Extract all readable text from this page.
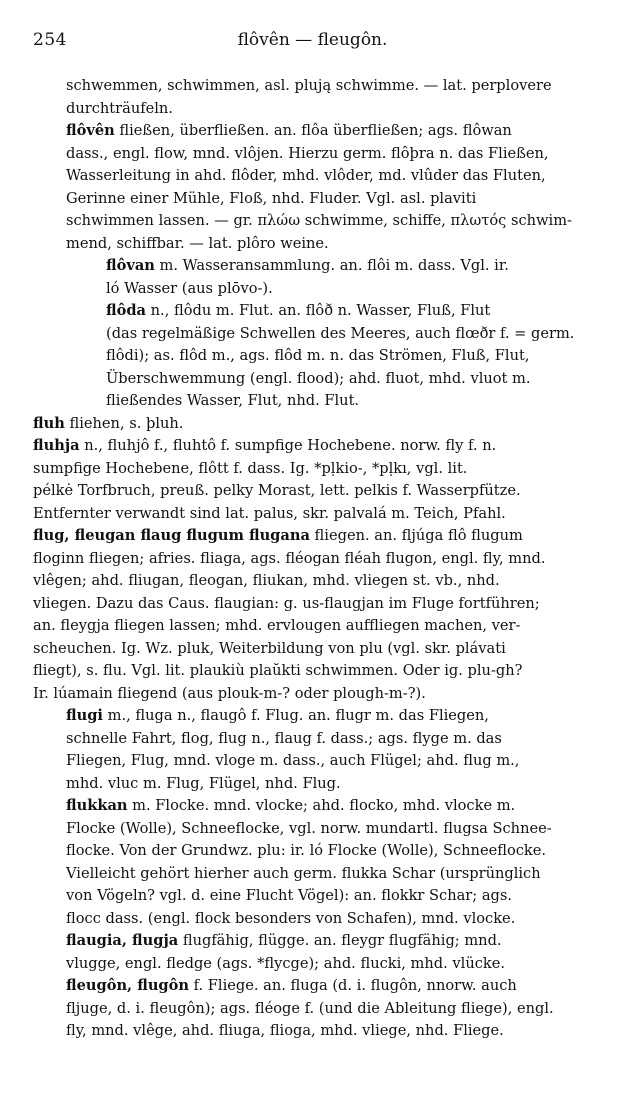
254	flôvên — fleugôn.
schwemmen, schwimmen, asl. plują schwimme. — lat. perplovere
durchträufeln.
flôvên fließen, überfließen. an. flôa überfließen; ags. flôwan
dass., engl. flow, mnd. vlôjen. Hierzu germ. flôþra n. das Fließen,
Wasserleitung in ahd. flôder, mhd. vlôder, md. vlûder das Fluten,
Gerinne einer Mühle, Floß, nhd. Fluder. Vgl. asl. plaviti
schwimmen lassen. — gr. πλώω schwimme, schiffe, πλωτός schwim-
mend, schiffbar. — lat. plôro weine.
flôvan m. Wasseransammlung. an. flôi m. dass. Vgl. ir.
ló Wasser (aus plōvo-).
flôda n., flôdu m. Flut. an. flôð n. Wasser, Fluß, Flut
(das regelmäßige Schwellen des Meeres, auch flœðr f. = germ.
flôdi); as. flôd m., ags. flôd m. n. das Strömen, Fluß, Flut,
Überschwemmung (engl. flood); ahd. fluot, mhd. vluot m.
fließendes Wasser, Flut, nhd. Flut.
fluh fliehen, s. þluh.
fluhja n., fluhjô f., fluhtô f. sumpfige Hochebene. norw. fly f. n.
sumpfige Hochebene, flôtt f. dass. Ig. *pḷkio-, *pḷkı, vgl. lit.
pélkė Torfbruch, preuß. pelky Morast, lett. pelkis f. Wasserpfütze.
Entfernter verwandt sind lat. palus, skr. palvalá m. Teich, Pfahl.
flug, fleugan flaug flugum flugana fliegen. an. fljúga flô flugum
floginn fliegen; afries. fliaga, ags. fléogan fléah flugon, engl. fly, mnd.
vlêgen; ahd. fliugan, fleogan, fliukan, mhd. vliegen st. vb., nhd.
vliegen. Dazu das Caus. flaugian: g. us-flaugjan im Fluge fortführen;
an. fleygja fliegen lassen; mhd. ervlougen auffliegen machen, ver-
scheuchen. Ig. Wz. pluk, Weiterbildung von plu (vgl. skr. plávati
fliegt), s. flu. Vgl. lit. plaukiù plaŭkti schwimmen. Oder ig. plu-gh?
Ir. lúamain fliegend (aus plouk-m-? oder plough-m-?).
flugi m., fluga n., flaugô f. Flug. an. flugr m. das Fliegen,
schnelle Fahrt, flog, flug n., flaug f. dass.; ags. flyge m. das
Fliegen, Flug, mnd. vloge m. dass., auch Flügel; ahd. flug m.,
mhd. vluc m. Flug, Flügel, nhd. Flug.
flukkan m. Flocke. mnd. vlocke; ahd. flocko, mhd. vlocke m.
Flocke (Wolle), Schneeflocke, vgl. norw. mundartl. flugsa Schnee-
flocke. Von der Grundwz. plu: ir. ló Flocke (Wolle), Schneeflocke.
Vielleicht gehört hierher auch germ. flukka Schar (ursprünglich
von Vögeln? vgl. d. eine Flucht Vögel): an. flokkr Schar; ags.
flocc dass. (engl. flock besonders von Schafen), mnd. vlocke.
flaugia, flugja flugfähig, flügge. an. fleygr flugfähig; mnd.
vlugge, engl. fledge (ags. *flycge); ahd. flucki, mhd. vlücke.
fleugôn, flugôn f. Fliege. an. fluga (d. i. flugôn, nnorw. auch
fljuge, d. i. fleugôn); ags. fléoge f. (und die Ableitung fliege), engl.
fly, mnd. vlêge, ahd. fliuga, flioga, mhd. vliege, nhd. Fliege.
